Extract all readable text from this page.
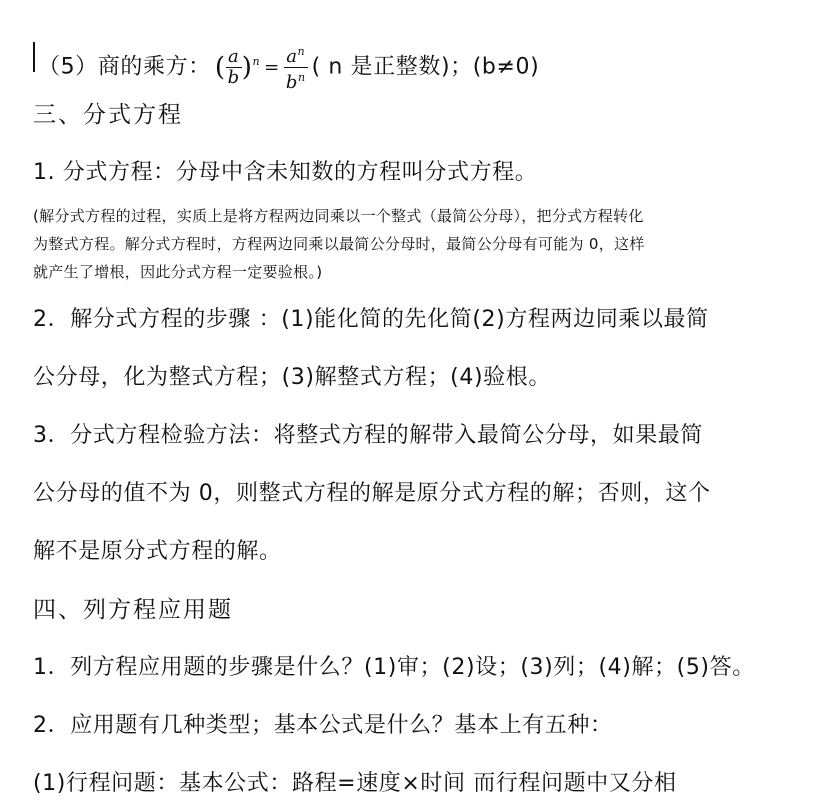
（5）商的乘方： ( $\frac{a}{b} )^n = \frac{a^n}{b^n}$ ( n 是正整数)；(b≠0)
三、分式方程
1. 分式方程：分母中含未知数的方程叫分式方程。
(解分式方程的过程，实质上是将方程两边同乘以一个整式（最简公分母），把分式方程转化
为整式方程。解分式方程时，方程两边同乘以最简公分母时，最简公分母有可能为 0，这样
就产生了增根，因此分式方程一定要验根。)
2．解分式方程的步骤 ：(1)能化简的先化简(2)方程两边同乘以最简
公分母，化为整式方程；(3)解整式方程；(4)验根。
3．分式方程检验方法：将整式方程的解带入最简公分母，如果最简
公分母的值不为 0，则整式方程的解是原分式方程的解；否则，这个
解不是原分式方程的解。
四、列方程应用题
1．列方程应用题的步骤是什么？(1)审；(2)设；(3)列；(4)解；(5)答。
2．应用题有几种类型；基本公式是什么？基本上有五种：
(1)行程问题：基本公式：路程=速度×时间 而行程问题中又分相
